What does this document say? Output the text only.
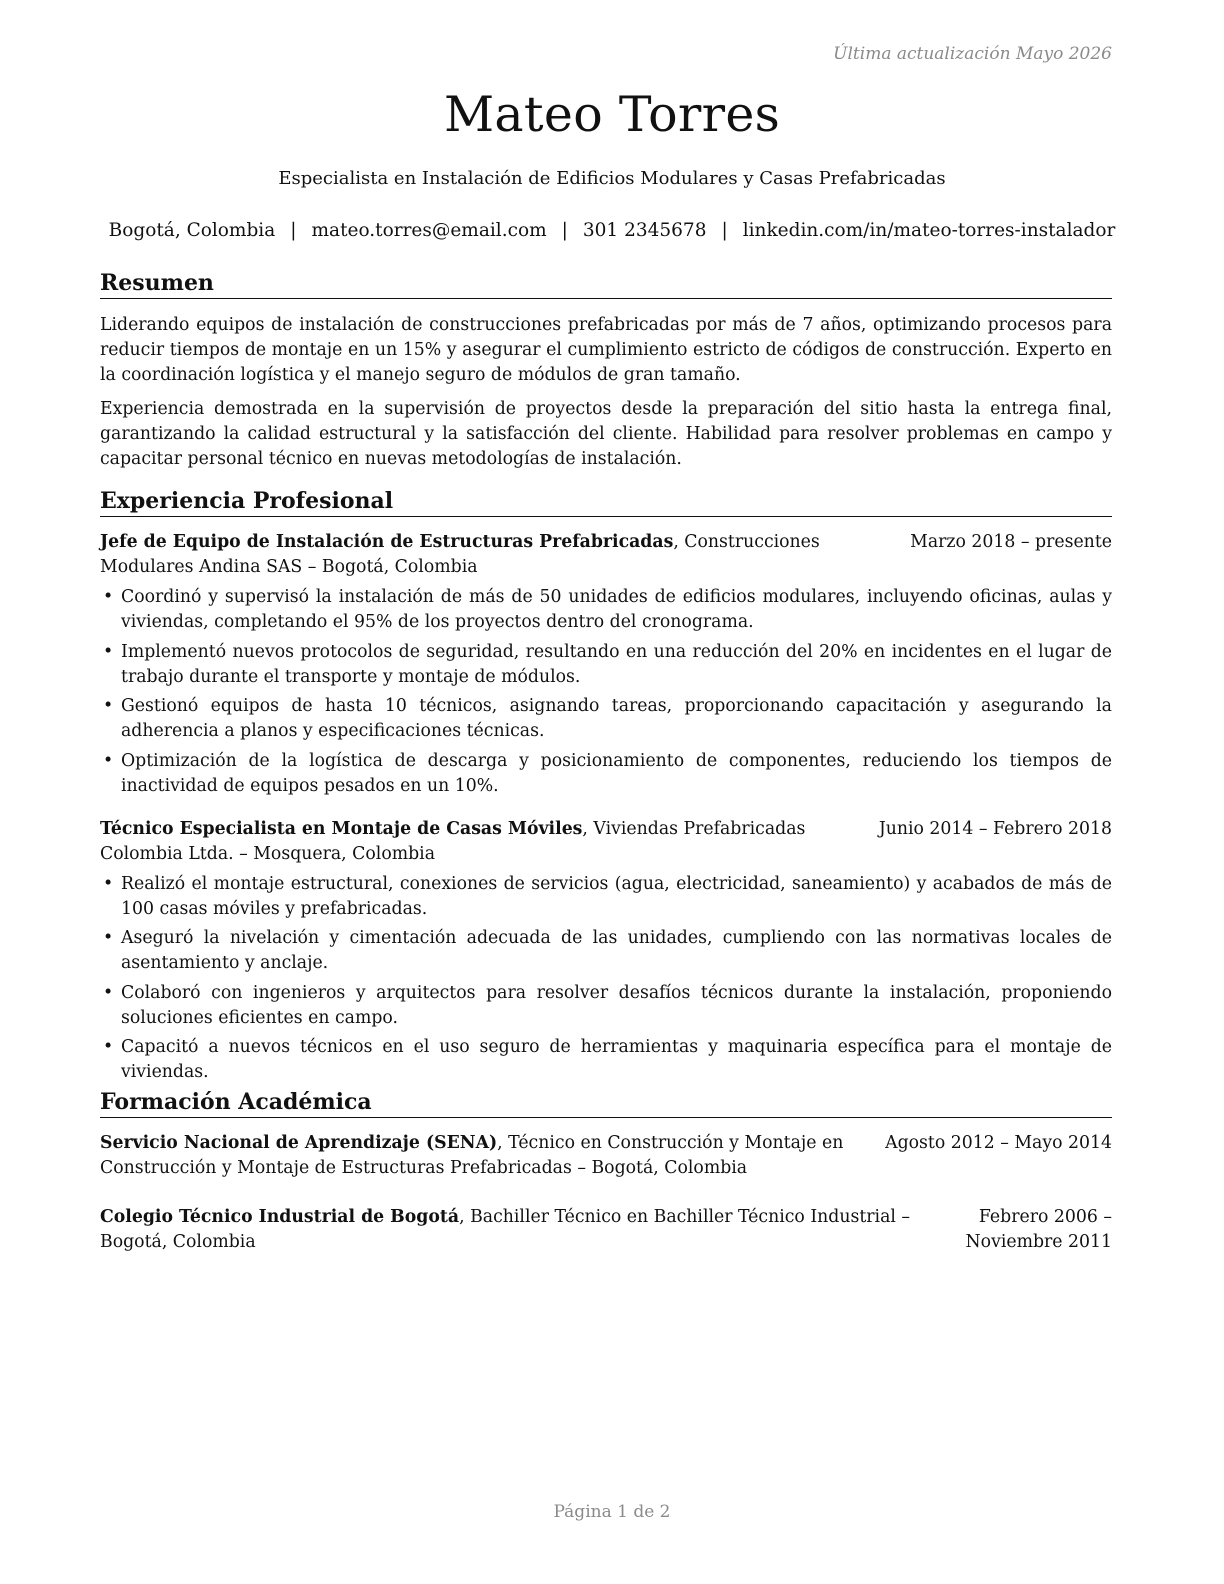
Última actualización Mayo 2026
Mateo Torres
Especialista en Instalación de Edificios Modulares y Casas Prefabricadas
Bogotá, Colombia | mateo.torres@email.com | 301 2345678 | linkedin.com/in/mateo-torres-instalador
Resumen

Liderando equipos de instalación de construcciones prefabricadas por más de 7 años, optimizando procesos para reducir tiempos de montaje en un 15% y asegurar el cumplimiento estricto de códigos de construcción. Experto en la coordinación logística y el manejo seguro de módulos de gran tamaño.

Experiencia demostrada en la supervisión de proyectos desde la preparación del sitio hasta la entrega final, garantizando la calidad estructural y la satisfacción del cliente. Habilidad para resolver problemas en campo y capacitar personal técnico en nuevas metodologías de instalación.

Experiencia Profesional
Marzo 2018 – presente
Jefe de Equipo de Instalación de Estructuras Prefabricadas, Construcciones Modulares Andina SAS – Bogotá, Colombia
• Coordinó y supervisó la instalación de más de 50 unidades de edificios modulares, incluyendo oficinas, aulas y viviendas, completando el 95% de los proyectos dentro del cronograma.
• Implementó nuevos protocolos de seguridad, resultando en una reducción del 20% en incidentes en el lugar de trabajo durante el transporte y montaje de módulos.
• Gestionó equipos de hasta 10 técnicos, asignando tareas, proporcionando capacitación y asegurando la adherencia a planos y especificaciones técnicas.
• Optimización de la logística de descarga y posicionamiento de componentes, reduciendo los tiempos de inactividad de equipos pesados en un 10%.
Junio 2014 – Febrero 2018
Técnico Especialista en Montaje de Casas Móviles, Viviendas Prefabricadas Colombia Ltda. – Mosquera, Colombia
• Realizó el montaje estructural, conexiones de servicios (agua, electricidad, saneamiento) y acabados de más de 100 casas móviles y prefabricadas.
• Aseguró la nivelación y cimentación adecuada de las unidades, cumpliendo con las normativas locales de asentamiento y anclaje.
• Colaboró con ingenieros y arquitectos para resolver desafíos técnicos durante la instalación, proponiendo soluciones eficientes en campo.
• Capacitó a nuevos técnicos en el uso seguro de herramientas y maquinaria específica para el montaje de viviendas.
Formación Académica
Agosto 2012 – Mayo 2014
Servicio Nacional de Aprendizaje (SENA), Técnico en Construcción y Montaje en Construcción y Montaje de Estructuras Prefabricadas – Bogotá, Colombia
Febrero 2006 – Noviembre 2011
Colegio Técnico Industrial de Bogotá, Bachiller Técnico en Bachiller Técnico Industrial – Bogotá, Colombia
Página 1 de 2
